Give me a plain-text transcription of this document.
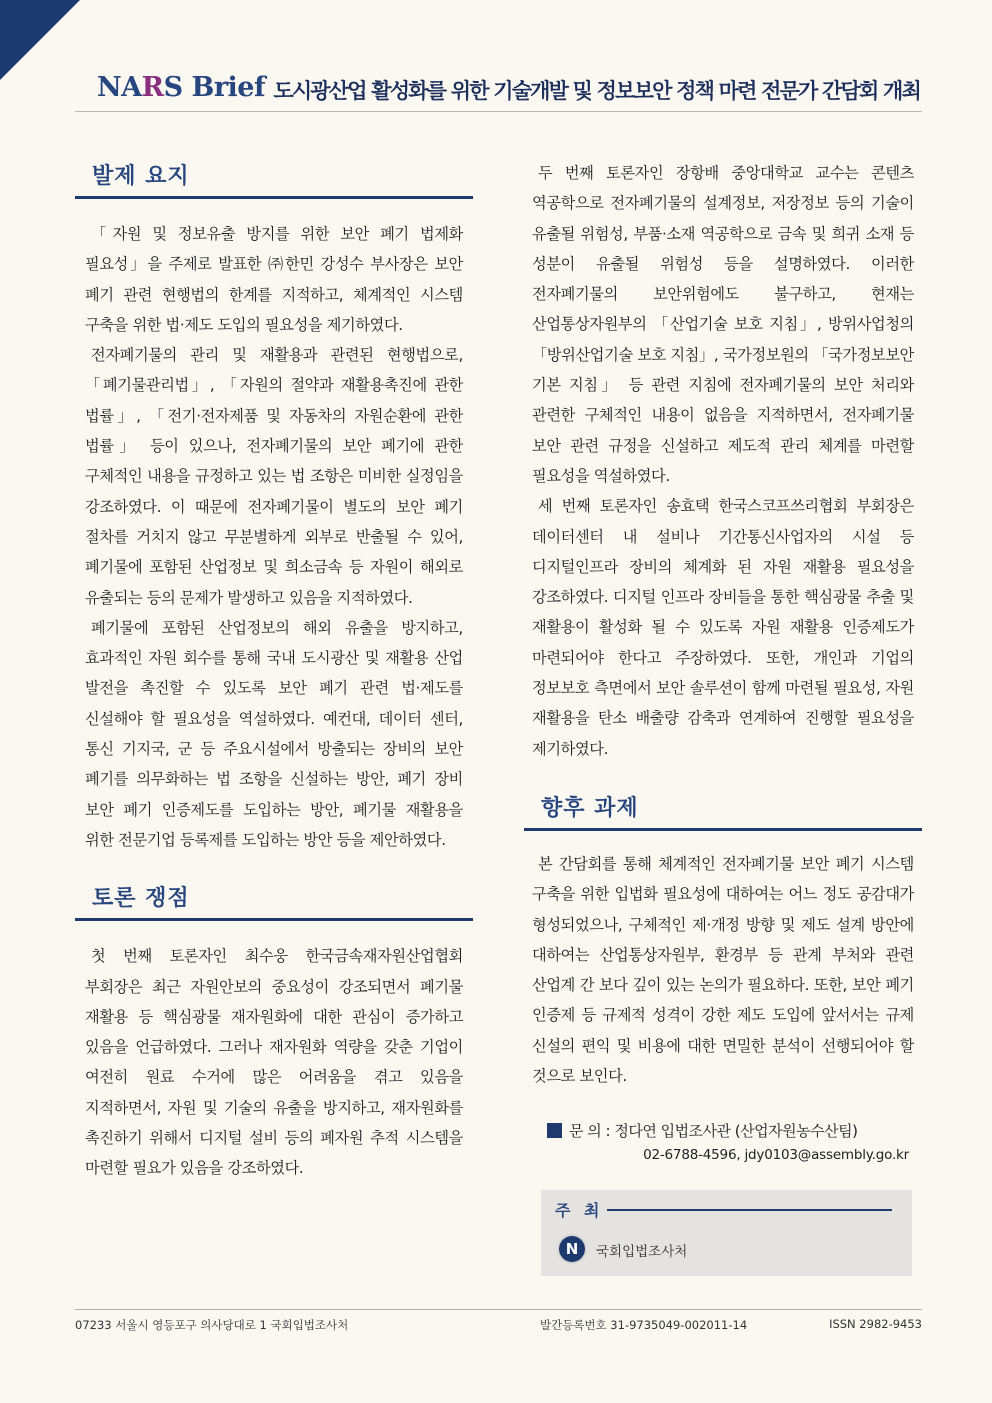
NARS Brief 도시광산업 활성화를 위한 기술개발 및 정보보안 정책 마련 전문가 간담회 개최
발제 요지

「자원 및 정보유출 방지를 위한 보안 폐기 법제화 필요성」을 주제로 발표한 ㈜한민 강성수 부사장은 보안 폐기 관련 현행법의 한계를 지적하고, 체계적인 시스템 구축을 위한 법·제도 도입의 필요성을 제기하였다.

전자폐기물의 관리 및 재활용과 관련된 현행법으로, 「폐기물관리법」, 「자원의 절약과 재활용촉진에 관한 법률」, 「전기·전자제품 및 자동차의 자원순환에 관한 법률」 등이 있으나, 전자폐기물의 보안 폐기에 관한 구체적인 내용을 규정하고 있는 법 조항은 미비한 실정임을 강조하였다. 이 때문에 전자폐기물이 별도의 보안 폐기 절차를 거치지 않고 무분별하게 외부로 반출될 수 있어, 폐기물에 포함된 산업정보 및 희소금속 등 자원이 해외로 유출되는 등의 문제가 발생하고 있음을 지적하였다.

폐기물에 포함된 산업정보의 해외 유출을 방지하고, 효과적인 자원 회수를 통해 국내 도시광산 및 재활용 산업 발전을 촉진할 수 있도록 보안 폐기 관련 법·제도를 신설해야 할 필요성을 역설하였다. 예컨대, 데이터 센터, 통신 기지국, 군 등 주요시설에서 방출되는 장비의 보안 폐기를 의무화하는 법 조항을 신설하는 방안, 폐기 장비 보안 폐기 인증제도를 도입하는 방안, 폐기물 재활용을 위한 전문기업 등록제를 도입하는 방안 등을 제안하였다.

토론 쟁점

첫 번째 토론자인 최수웅 한국금속재자원산업협회 부회장은 최근 자원안보의 중요성이 강조되면서 폐기물 재활용 등 핵심광물 재자원화에 대한 관심이 증가하고 있음을 언급하였다. 그러나 재자원화 역량을 갖춘 기업이 여전히 원료 수거에 많은 어려움을 겪고 있음을 지적하면서, 자원 및 기술의 유출을 방지하고, 재자원화를 촉진하기 위해서 디지털 설비 등의 폐자원 추적 시스템을 마련할 필요가 있음을 강조하였다.

두 번째 토론자인 장항배 중앙대학교 교수는 콘텐츠 역공학으로 전자폐기물의 설계정보, 저장정보 등의 기술이 유출될 위험성, 부품·소재 역공학으로 금속 및 희귀 소재 등 성분이 유출될 위험성 등을 설명하였다. 이러한 전자폐기물의 보안위험에도 불구하고, 현재는 산업통상자원부의 「산업기술 보호 지침」, 방위사업청의 「방위산업기술 보호 지침」, 국가정보원의 「국가정보보안 기본 지침」 등 관련 지침에 전자폐기물의 보안 처리와 관련한 구체적인 내용이 없음을 지적하면서, 전자폐기물 보안 관련 규정을 신설하고 제도적 관리 체계를 마련할 필요성을 역설하였다.

세 번째 토론자인 송효택 한국스코프쓰리협회 부회장은 데이터센터 내 설비나 기간통신사업자의 시설 등 디지털인프라 장비의 체계화 된 자원 재활용 필요성을 강조하였다. 디지털 인프라 장비들을 통한 핵심광물 추출 및 재활용이 활성화 될 수 있도록 자원 재활용 인증제도가 마련되어야 한다고 주장하였다. 또한, 개인과 기업의 정보보호 측면에서 보안 솔루션이 함께 마련될 필요성, 자원 재활용을 탄소 배출량 감축과 연계하여 진행할 필요성을 제기하였다.

향후 과제

본 간담회를 통해 체계적인 전자폐기물 보안 폐기 시스템 구축을 위한 입법화 필요성에 대하여는 어느 정도 공감대가 형성되었으나, 구체적인 제·개정 방향 및 제도 설계 방안에 대하여는 산업통상자원부, 환경부 등 관계 부처와 관련 산업계 간 보다 깊이 있는 논의가 필요하다. 또한, 보안 폐기 인증제 등 규제적 성격이 강한 제도 도입에 앞서서는 규제 신설의 편익 및 비용에 대한 면밀한 분석이 선행되어야 할 것으로 보인다.

문 의 : 정다연 입법조사관 (산업자원농수산팀)
02-6788-4596, jdy0103@assembly.go.kr
주 최
N	국회입법조사처
07233 서울시 영등포구 의사당대로 1 국회입법조사처	발간등록번호 31-9735049-002011-14	ISSN 2982-9453
